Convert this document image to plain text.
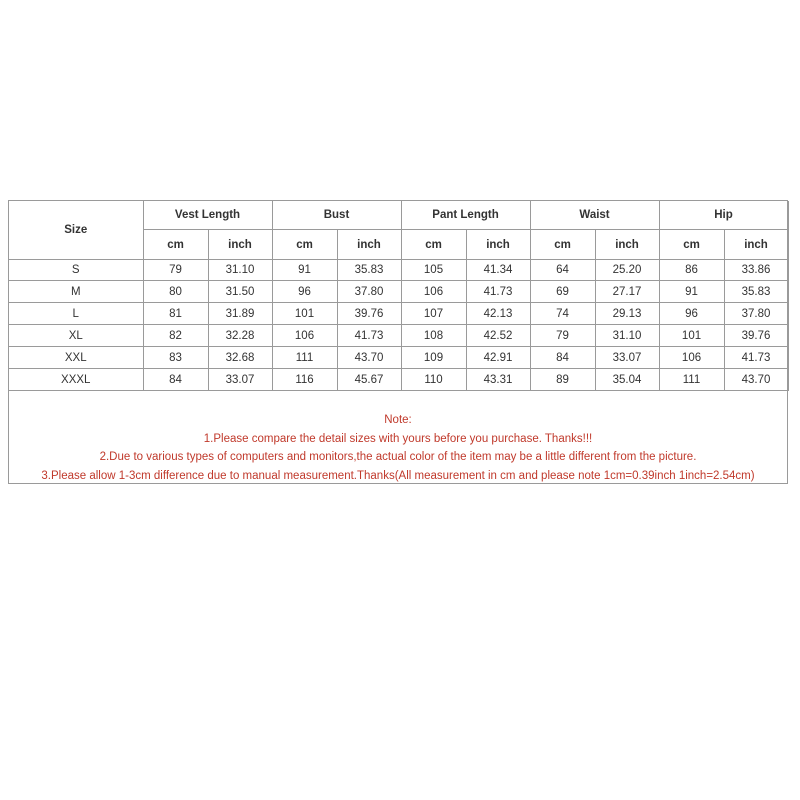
Size	Vest Length		Bust		Pant Length		Waist		Hip	
	cm	inch	cm	inch	cm	inch	cm	inch	cm	inch
S	79	31.10	91	35.83	105	41.34	64	25.20	86	33.86
M	80	31.50	96	37.80	106	41.73	69	27.17	91	35.83
L	81	31.89	101	39.76	107	42.13	74	29.13	96	37.80
XL	82	32.28	106	41.73	108	42.52	79	31.10	101	39.76
XXL	83	32.68	111	43.70	109	42.91	84	33.07	106	41.73
XXXL	84	33.07	116	45.67	110	43.31	89	35.04	111	43.70
Note:
1.Please compare the detail sizes with yours before you purchase. Thanks!!!
2.Due to various types of computers and monitors,the actual color of the item may be a little different from the picture.
3.Please allow 1-3cm difference due to manual measurement.Thanks(All measurement in cm and please note 1cm=0.39inch 1inch=2.54cm)
